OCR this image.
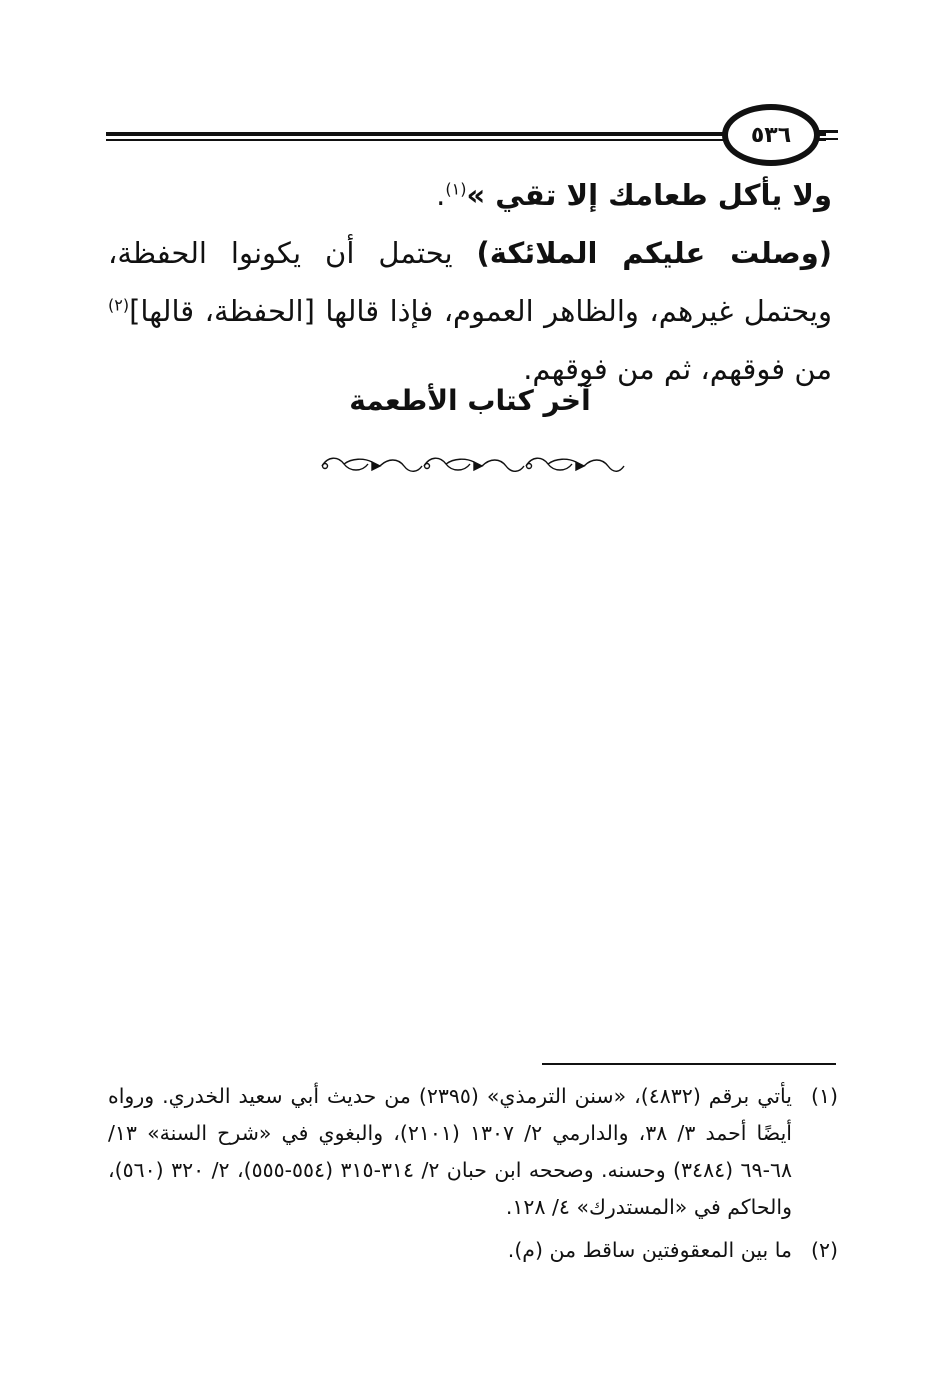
٥٣٦

ولا يأكل طعامك إلا تقي »$^{(١)}$.

(وصلت عليكم الملائكة) يحتمل أن يكونوا الحفظة، ويحتمل غيرهم، والظاهر العموم، فإذا قالها [الحفظة، قالها]$^{(٢)}$ من فوقهم، ثم من فوقهم.

آخر كتاب الأطعمة
(١)
يأتي برقم (٤٨٣٢)، «سنن الترمذي» (٢٣٩٥) من حديث أبي سعيد الخدري. ورواه أيضًا أحمد ٣/ ٣٨، والدارمي ٢/ ١٣٠٧ (٢١٠١)، والبغوي في «شرح السنة» ١٣/ ٦٨-٦٩ (٣٤٨٤) وحسنه. وصححه ابن حبان ٢/ ٣١٤-٣١٥ (٥٥٤-٥٥٥)، ٢/ ٣٢٠ (٥٦٠)، والحاكم في «المستدرك» ٤/ ١٢٨.
(٢)
ما بين المعقوفتين ساقط من (م).
